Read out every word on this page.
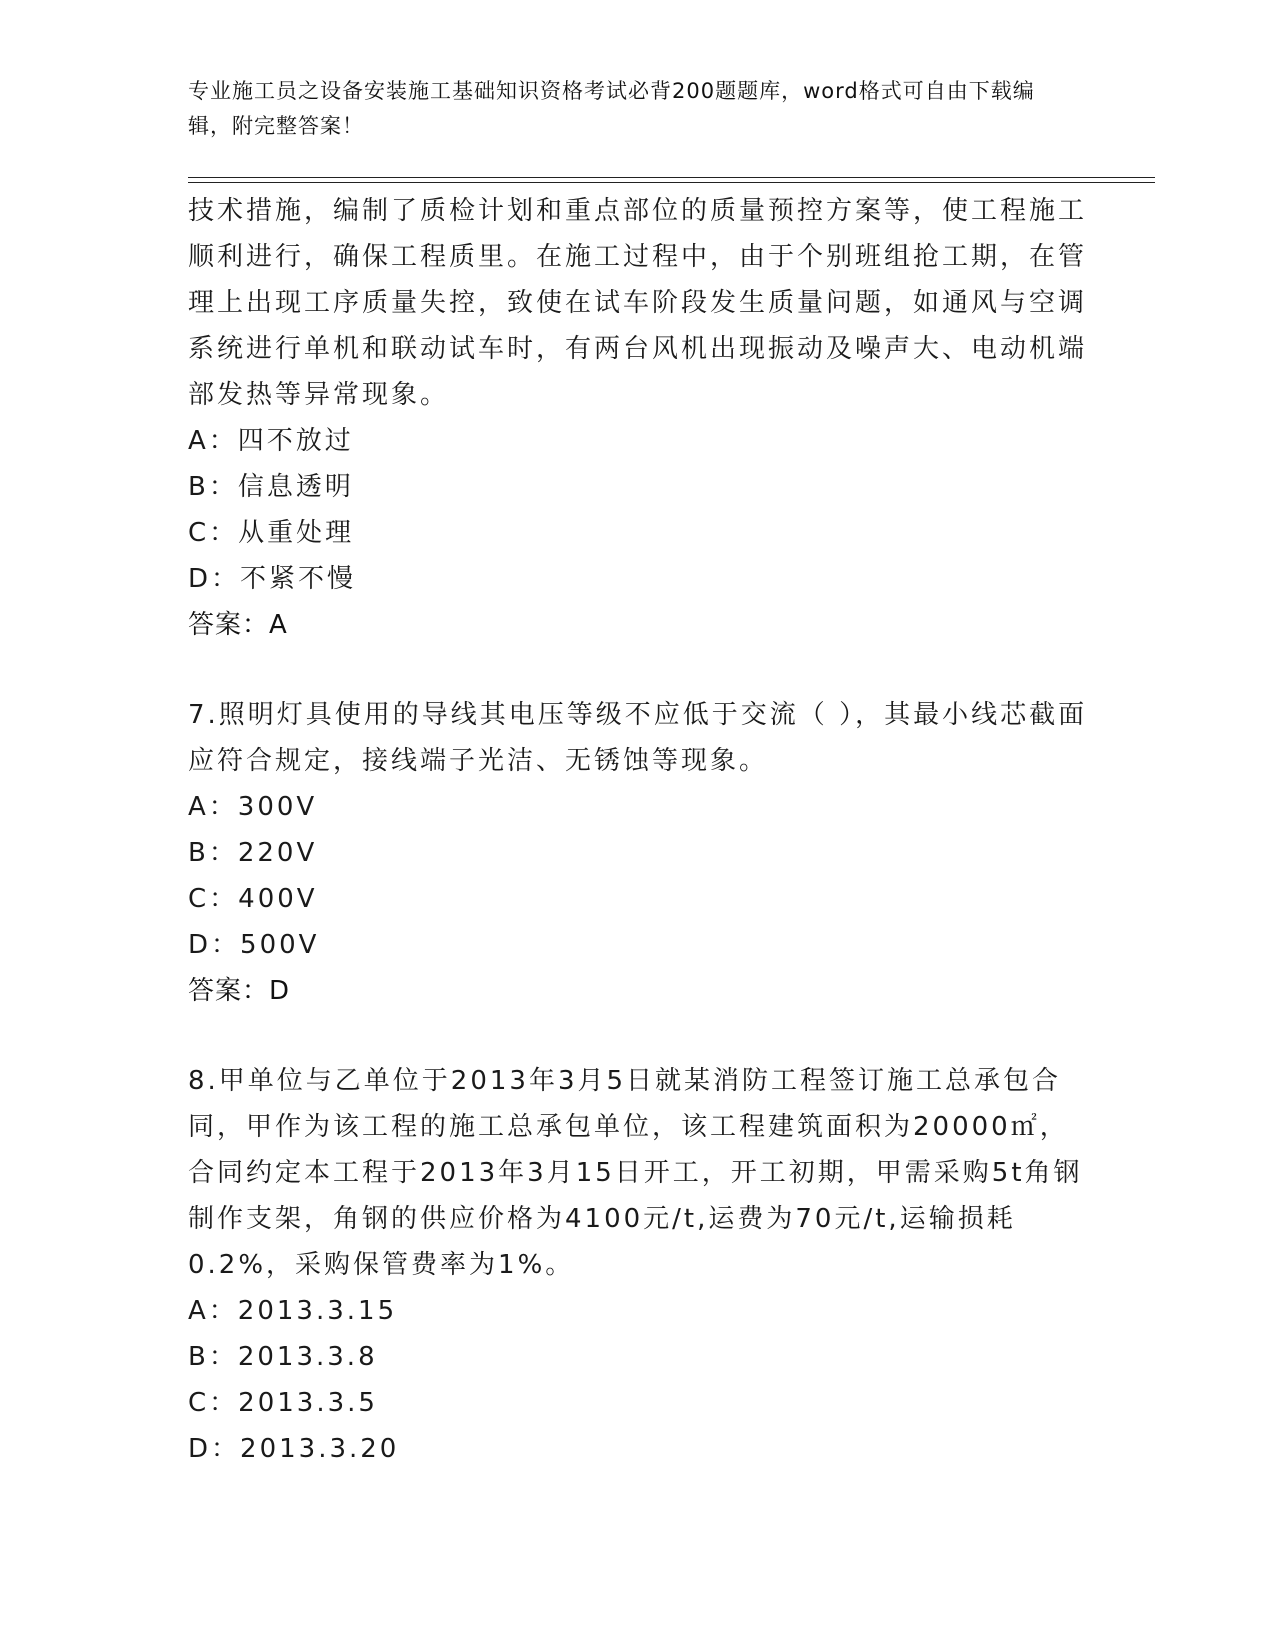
专业施工员之设备安装施工基础知识资格考试必背200题题库，word格式可自由下载编辑，附完整答案！

技术措施，编制了质检计划和重点部位的质量预控方案等，使工程施工顺利进行，确保工程质里。在施工过程中，由于个别班组抢工期，在管理上出现工序质量失控，致使在试车阶段发生质量问题，如通风与空调系统进行单机和联动试车时，有两台风机出现振动及噪声大、电动机端部发热等异常现象。

A：四不放过

B：信息透明

C：从重处理

D：不紧不慢

答案：A

7.照明灯具使用的导线其电压等级不应低于交流（ ），其最小线芯截面应符合规定，接线端子光洁、无锈蚀等现象。

A：300V

B：220V

C：400V

D：500V

答案：D

8.甲单位与乙单位于2013年3月5日就某消防工程签订施工总承包合同，甲作为该工程的施工总承包单位，该工程建筑面积为20000㎡，合同约定本工程于2013年3月15日开工，开工初期，甲需采购5t角钢制作支架，角钢的供应价格为4100元/t,运费为70元/t,运输损耗0.2%，采购保管费率为1%。

A：2013.3.15

B：2013.3.8

C：2013.3.5

D：2013.3.20
